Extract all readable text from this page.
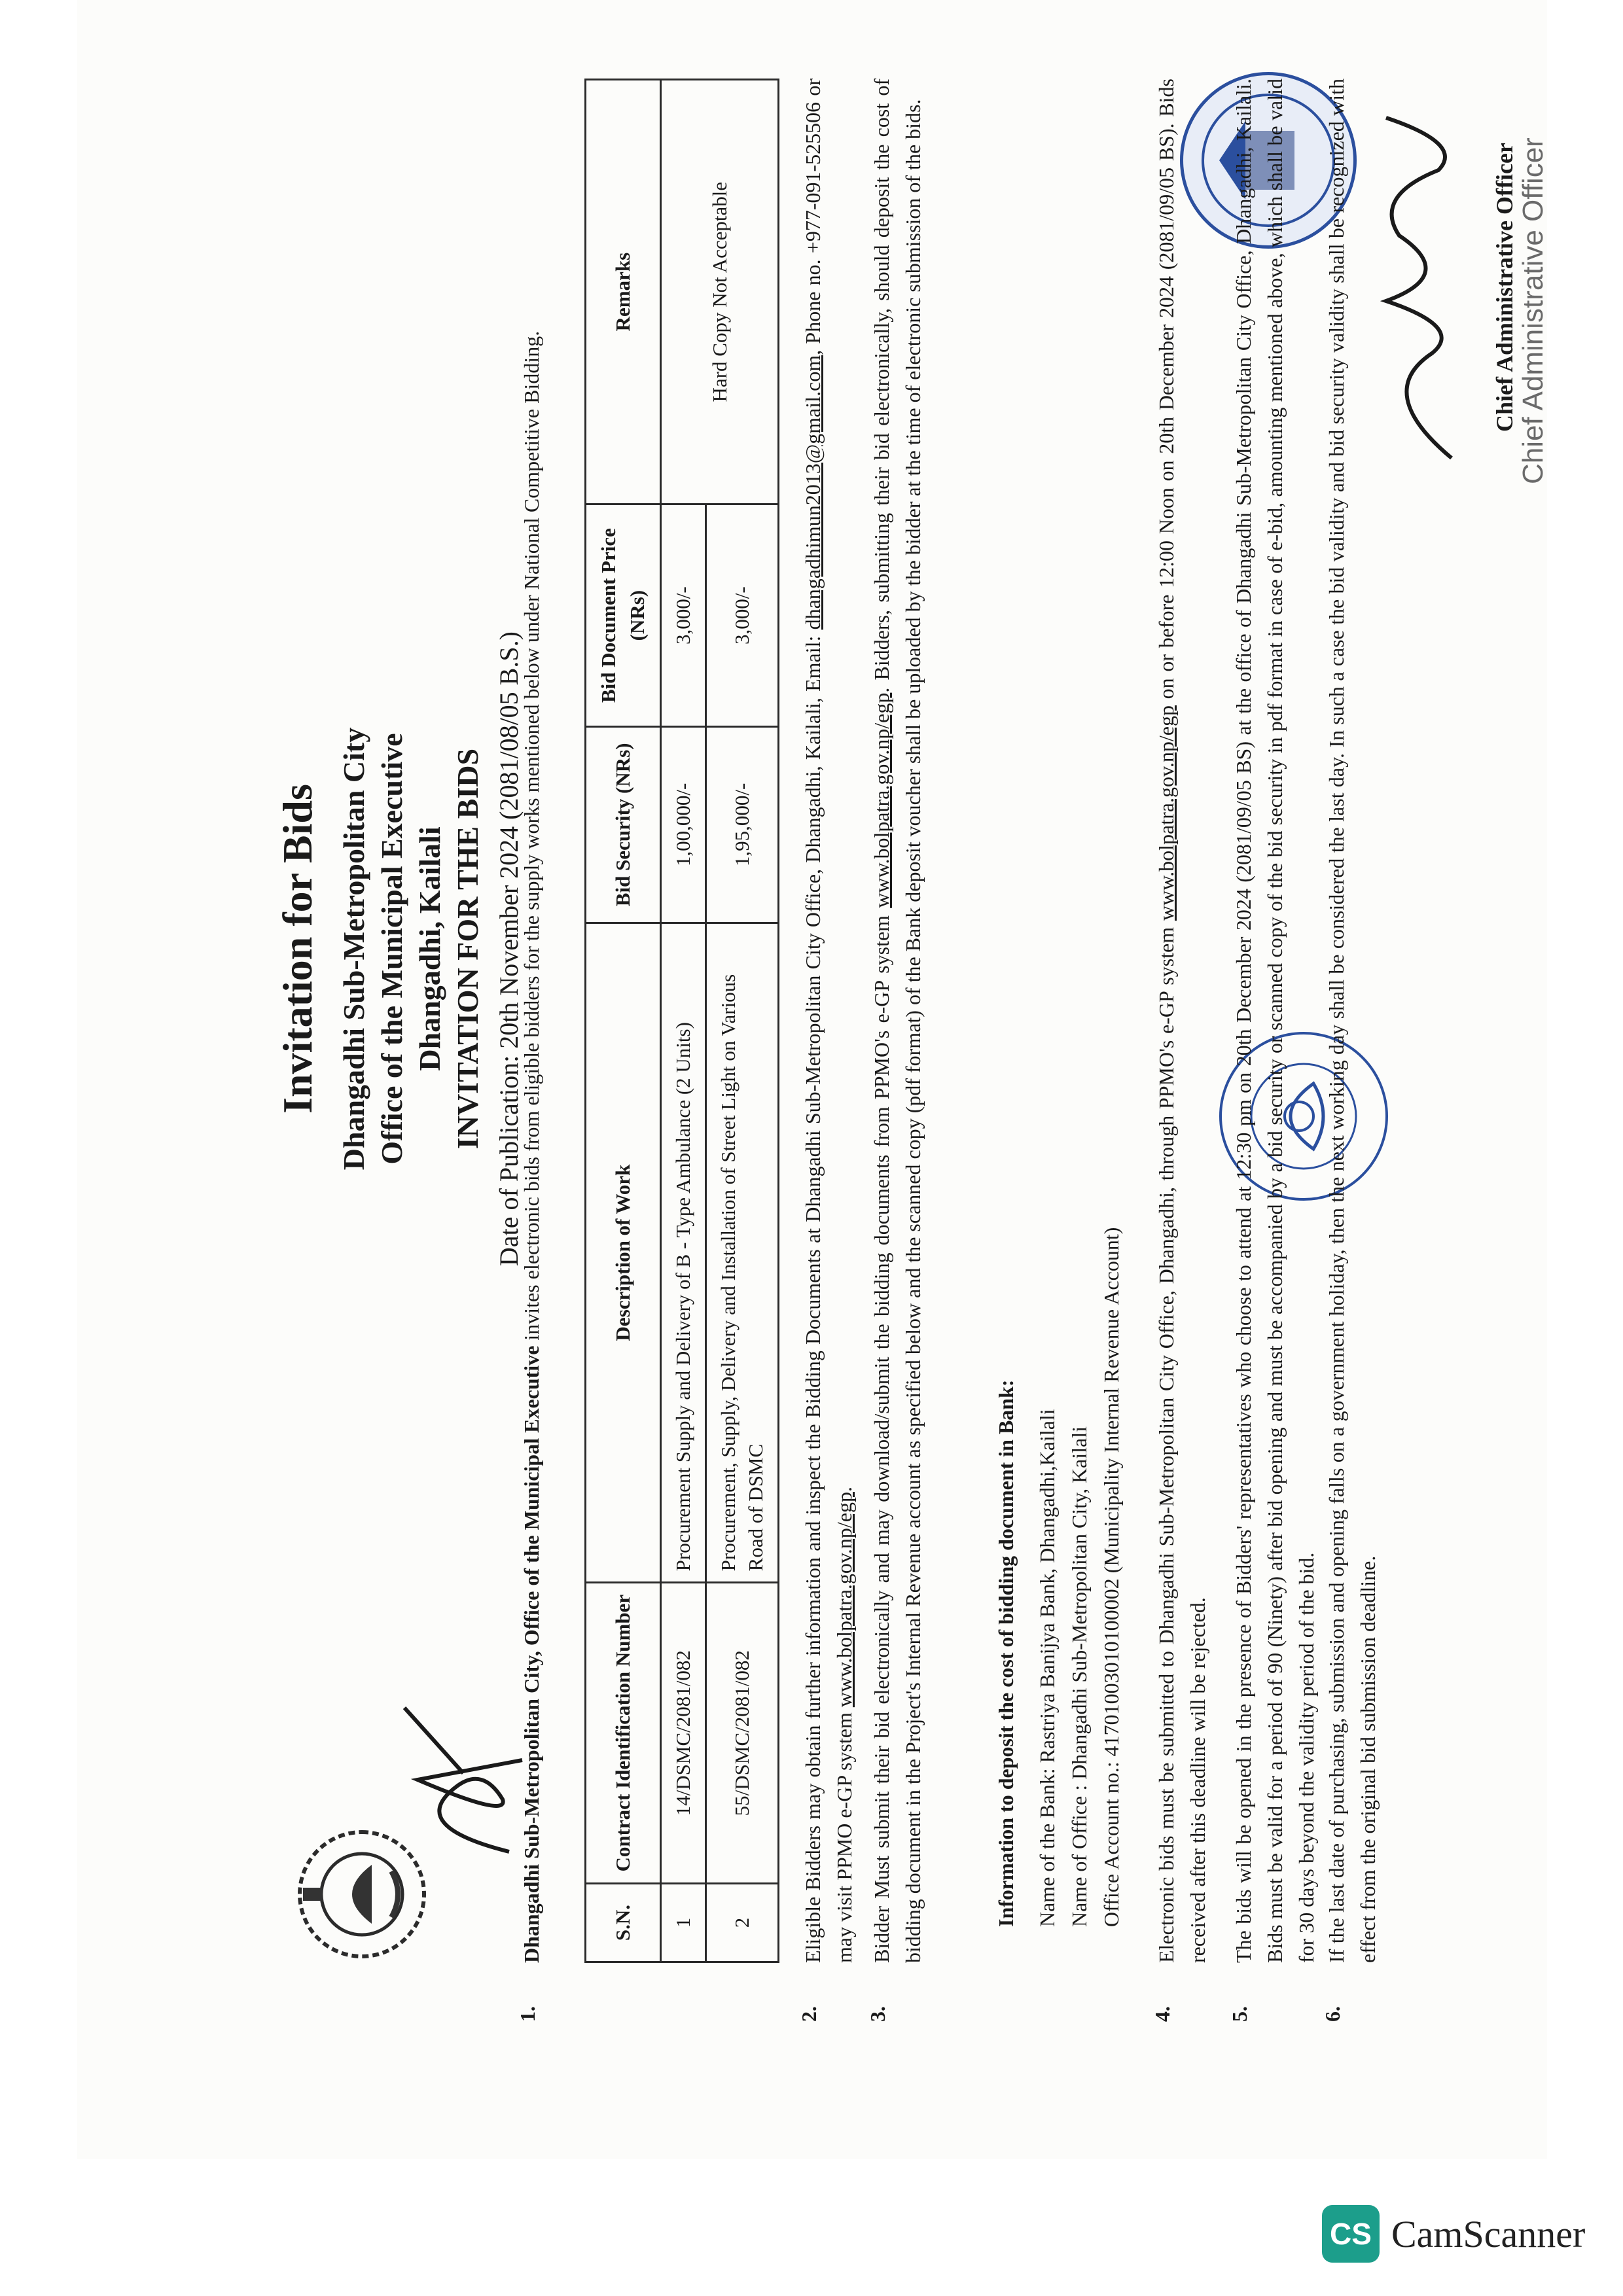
Invitation for Bids Dhangadhi Sub-Metropolitan City Office of the Municipal Executive Dhangadhi, Kailali INVITATION FOR THE BIDS Date of Publication: 20th November 2024 (2081/08/05 B.S.)
1.
Dhangadhi Sub-Metropolitan City, Office of the Municipal Executive invites electronic bids from eligible bidders for the supply works mentioned below under National Competitive Bidding.
S.N.	Contract Identification Number	Description of Work	Bid Security (NRs)	Bid Document Price (NRs)	Remarks
1	14/DSMC/2081/082	Procurement Supply and Delivery of B - Type Ambulance (2 Units)	1,00,000/-	3,000/-	Hard Copy Not Acceptable
2	55/DSMC/2081/082	Procurement, Supply, Delivery and Installation of Street Light on Various Road of DSMC	1,95,000/-	3,000/-	
2.
Eligible Bidders may obtain further information and inspect the Bidding Documents at Dhangadhi Sub-Metropolitan City Office, Dhangadhi, Kailali, Email: dhangadhimun2013@gmail.com, Phone no. +977-091-525506 or may visit PPMO e-GP system www.bolpatra.gov.np/egp.
3.
Bidder Must submit their bid electronically and may download/submit the bidding documents from PPMO's e-GP system www.bolpatra.gov.np/egp. Bidders, submitting their bid electronically, should deposit the cost of bidding document in the Project's Internal Revenue account as specified below and the scanned copy (pdf format) of the Bank deposit voucher shall be uploaded by the bidder at the time of electronic submission of the bids.	Information to deposit the cost of bidding document in Bank: Name of the Bank: Rastriya Banijya Bank, Dhangadhi,Kailali Name of Office : Dhangadhi Sub-Metropolitan City, Kailali Office Account no.: 41701003010100002 (Municipality Internal Revenue Account)
4.
Electronic bids must be submitted to Dhangadhi Sub-Metropolitan City Office, Dhangadhi, through PPMO's e-GP system www.bolpatra.gov.np/egp on or before 12:00 Noon on 20th December 2024 (2081/09/05 BS). Bids received after this deadline will be rejected.
5.
The bids will be opened in the presence of Bidders' representatives who choose to attend at 12:30 pm on 20th December 2024 (2081/09/05 BS) at the office of Dhangadhi Sub-Metropolitan City Office, Dhangadhi, Kailali. Bids must be valid for a period of 90 (Ninety) after bid opening and must be accompanied by a bid security or scanned copy of the bid security in pdf format in case of e-bid, amounting mentioned above, which shall be valid for 30 days beyond the validity period of the bid.
6.
If the last date of purchasing, submission and opening falls on a government holiday, then the next working day shall be considered the last day. In such a case the bid validity and bid security validity shall be recognized with effect from the original bid submission deadline.
Chief Administrative Officer Chief Administrative Officer
CS CamScanner
